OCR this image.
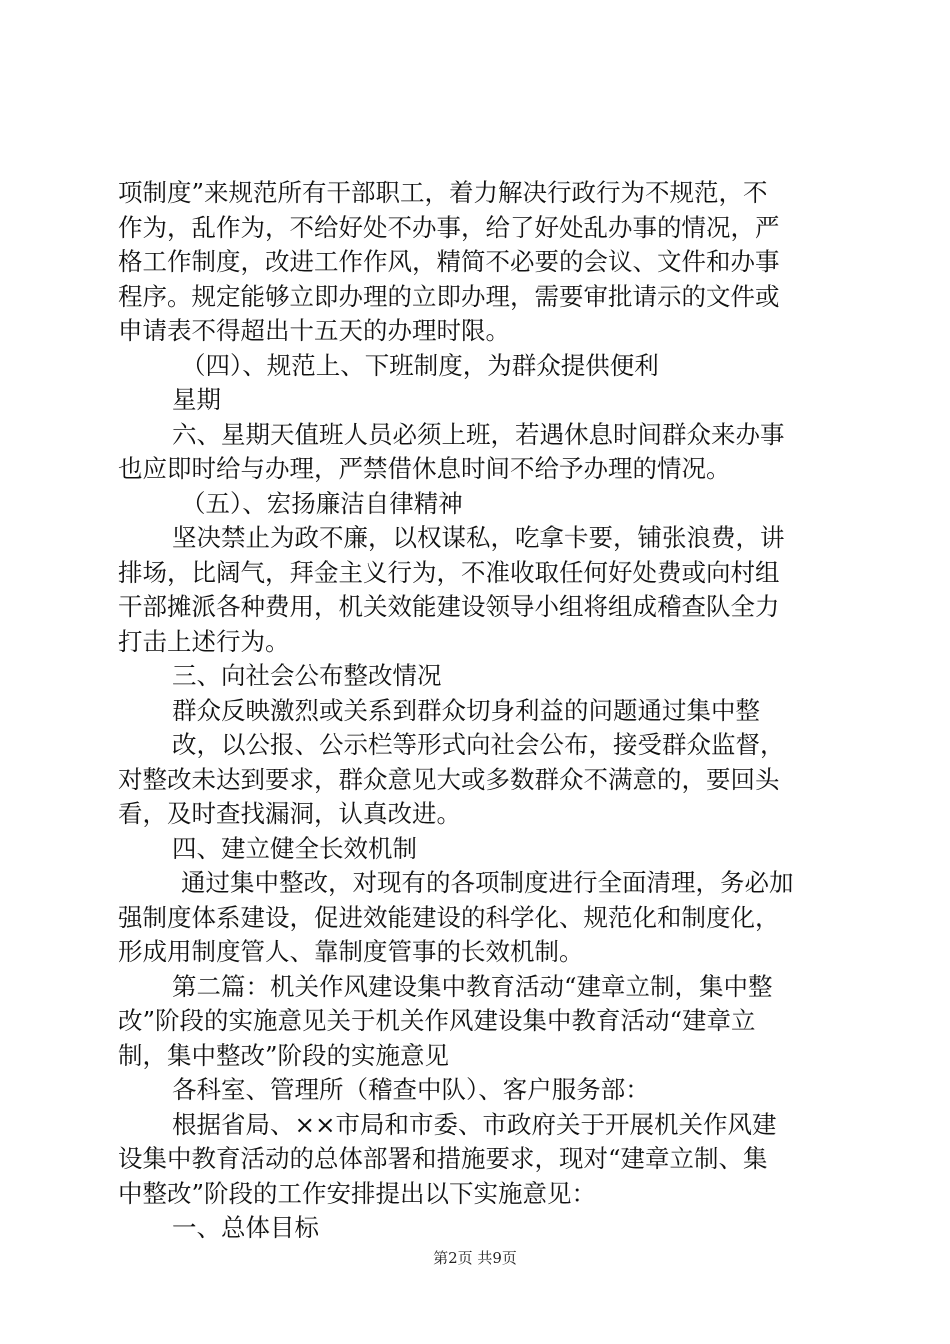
项制度”来规范所有干部职工，着力解决行政行为不规范，不
作为，乱作为，不给好处不办事，给了好处乱办事的情况，严
格工作制度，改进工作作风，精简不必要的会议、文件和办事
程序。规定能够立即办理的立即办理，需要审批请示的文件或
申请表不得超出十五天的办理时限。
（四）、规范上、下班制度，为群众提供便利
星期
六、星期天值班人员必须上班，若遇休息时间群众来办事
也应即时给与办理，严禁借休息时间不给予办理的情况。
（五）、宏扬廉洁自律精神
坚决禁止为政不廉，以权谋私，吃拿卡要，铺张浪费，讲
排场，比阔气，拜金主义行为，不准收取任何好处费或向村组
干部摊派各种费用，机关效能建设领导小组将组成稽查队全力
打击上述行为。
三、向社会公布整改情况
群众反映激烈或关系到群众切身利益的问题通过集中整
改，以公报、公示栏等形式向社会公布，接受群众监督，
对整改未达到要求，群众意见大或多数群众不满意的，要回头
看，及时查找漏洞，认真改进。
四、建立健全长效机制
通过集中整改，对现有的各项制度进行全面清理，务必加
强制度体系建设，促进效能建设的科学化、规范化和制度化，
形成用制度管人、靠制度管事的长效机制。
第二篇：机关作风建设集中教育活动“建章立制，集中整
改”阶段的实施意见关于机关作风建设集中教育活动“建章立
制，集中整改”阶段的实施意见
各科室、管理所（稽查中队）、客户服务部：
根据省局、××市局和市委、市政府关于开展机关作风建
设集中教育活动的总体部署和措施要求，现对“建章立制、集
中整改”阶段的工作安排提出以下实施意见：
一、总体目标
第2页 共9页
